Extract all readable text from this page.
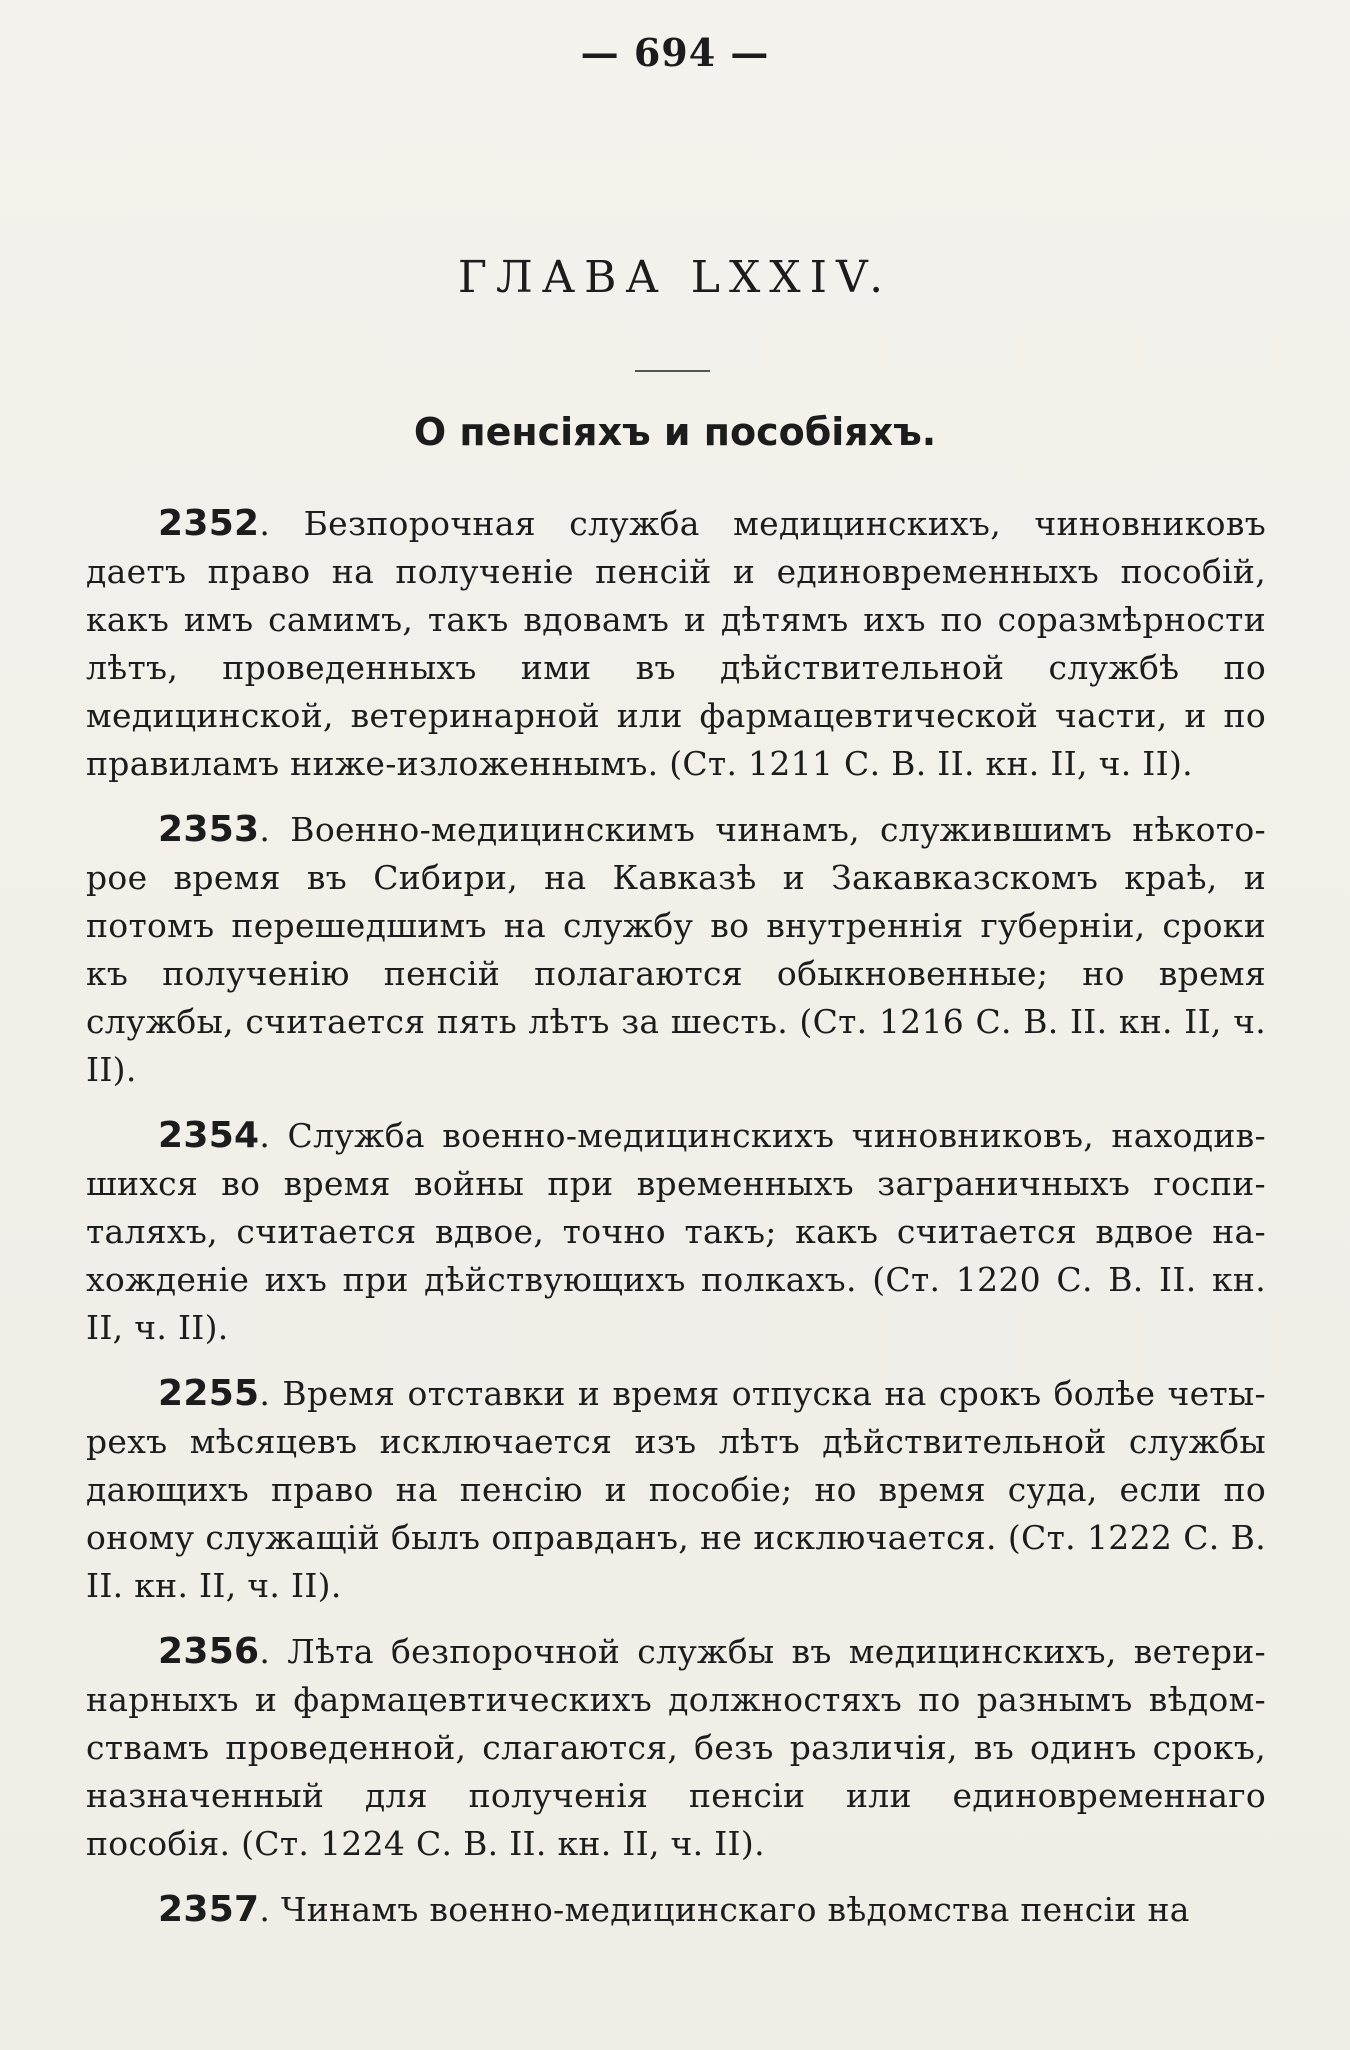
— 694 —
ГЛАВА LXXIV.
О пенсіяхъ и пособіяхъ.

2352. Безпорочная служба медицинскихъ, чиновниковъ даетъ право на полученіе пенсій и единовременныхъ пособій, какъ имъ самимъ, такъ вдовамъ и дѣтямъ ихъ по соразмѣрности лѣтъ, проведенныхъ ими въ дѣйствительной службѣ по медицинской, ветеринарной или фармацевтической части, и по правиламъ ниже-изложеннымъ. (Ст. 1211 С. В. II. кн. II, ч. II).

2353. Военно-медицинскимъ чинамъ, служившимъ нѣкото-рое время въ Сибири, на Кавказѣ и Закавказскомъ краѣ, и потомъ перешедшимъ на службу во внутреннія губерніи, сроки къ полученію пенсій полагаются обыкновенные; но время службы, считается пять лѣтъ за шесть. (Ст. 1216 С. В. II. кн. II, ч. II).

2354. Служба военно-медицинскихъ чиновниковъ, находив-шихся во время войны при временныхъ заграничныхъ госпи-таляхъ, считается вдвое, точно такъ; какъ считается вдвое на-хожденіе ихъ при дѣйствующихъ полкахъ. (Ст. 1220 С. В. II. кн. II, ч. II).

2255. Время отставки и время отпуска на срокъ болѣе четы-рехъ мѣсяцевъ исключается изъ лѣтъ дѣйствительной службы дающихъ право на пенсію и пособіе; но время суда, если по оному служащій былъ оправданъ, не исключается. (Ст. 1222 С. В. II. кн. II, ч. II).

2356. Лѣта безпорочной службы въ медицинскихъ, ветери-нарныхъ и фармацевтическихъ должностяхъ по разнымъ вѣдом-ствамъ проведенной, слагаются, безъ различія, въ одинъ срокъ, назначенный для полученія пенсіи или единовременнаго пособія. (Ст. 1224 С. В. II. кн. II, ч. II).

2357. Чинамъ военно-медицинскаго вѣдомства пенсіи на
